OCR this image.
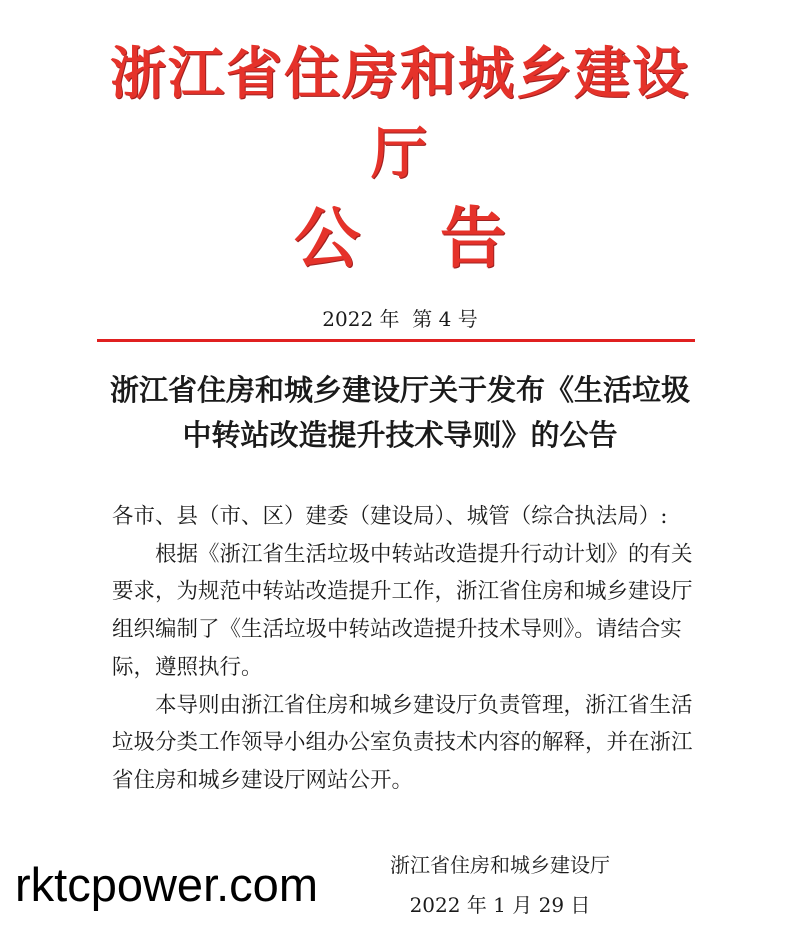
浙江省住房和城乡建设厅
公告
2022 年  第 4 号
浙江省住房和城乡建设厅关于发布《生活垃圾
中转站改造提升技术导则》的公告

各市、县（市、区）建委（建设局）、城管（综合执法局）:

根据《浙江省生活垃圾中转站改造提升行动计划》的有关要求，为规范中转站改造提升工作，浙江省住房和城乡建设厅组织编制了《生活垃圾中转站改造提升技术导则》。请结合实际，遵照执行。

本导则由浙江省住房和城乡建设厅负责管理，浙江省生活垃圾分类工作领导小组办公室负责技术内容的解释，并在浙江省住房和城乡建设厅网站公开。

浙江省住房和城乡建设厅
2022 年 1 月 29 日
rktcpower.com
